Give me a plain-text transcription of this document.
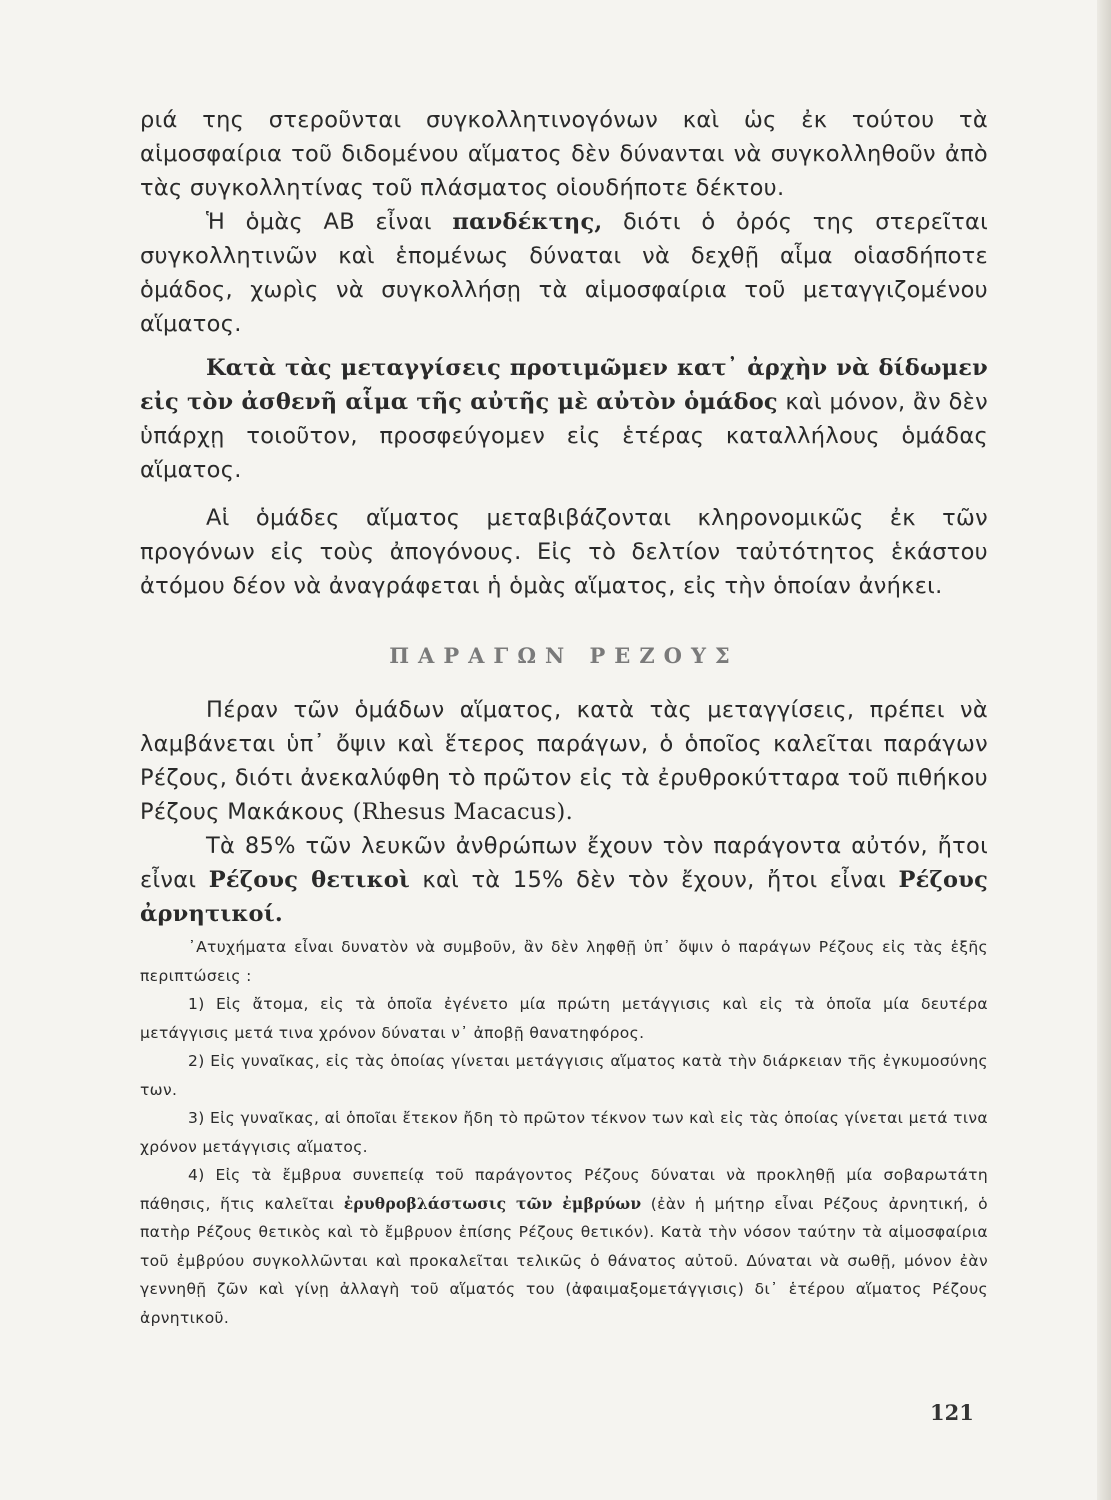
ριά της στεροῦνται συγκολλητινογόνων καὶ ὡς ἐκ τούτου τὰ αἱμοσφαίρια τοῦ διδομένου αἵματος δὲν δύνανται νὰ συγκολληθοῦν ἀπὸ τὰς συγκολλητίνας τοῦ πλάσματος οἱουδήποτε δέκτου.

Ἡ ὁμὰς ΑΒ εἶναι πανδέκτης, διότι ὁ ὀρός της στερεῖται συγκολλητινῶν καὶ ἑπομένως δύναται νὰ δεχθῇ αἷμα οἱασδήποτε ὁμάδος, χωρὶς νὰ συγκολλήσῃ τὰ αἱμοσφαίρια τοῦ μεταγγιζομένου αἵματος.

Κατὰ τὰς μεταγγίσεις προτιμῶμεν κατ᾽ ἀρχὴν νὰ δίδωμεν εἰς τὸν ἀσθενῆ αἷμα τῆς αὐτῆς μὲ αὐτὸν ὁμάδος καὶ μόνον, ἂν δὲν ὑπάρχῃ τοιοῦτον, προσφεύγομεν εἰς ἑτέρας καταλλήλους ὁμάδας αἵματος.

Αἱ ὁμάδες αἵματος μεταβιβάζονται κληρονομικῶς ἐκ τῶν προγόνων εἰς τοὺς ἀπογόνους. Εἰς τὸ δελτίον ταὐτότητος ἑκάστου ἀτόμου δέον νὰ ἀναγράφεται ἡ ὁμὰς αἵματος, εἰς τὴν ὁποίαν ἀνήκει.

ΠΑΡΑΓΩΝ ΡΕΖΟΥΣ

Πέραν τῶν ὁμάδων αἵματος, κατὰ τὰς μεταγγίσεις, πρέπει νὰ λαμβάνεται ὑπ᾽ ὄψιν καὶ ἕτερος παράγων, ὁ ὁποῖος καλεῖται παράγων Ρέζους, διότι ἀνεκαλύφθη τὸ πρῶτον εἰς τὰ ἐρυθροκύτταρα τοῦ πιθήκου Ρέζους Μακάκους (Rhesus Macacus).

Τὰ 85% τῶν λευκῶν ἀνθρώπων ἔχουν τὸν παράγοντα αὐτόν, ἤτοι εἶναι Ρέζους θετικοὶ καὶ τὰ 15% δὲν τὸν ἔχουν, ἤτοι εἶναι Ρέζους ἀρνητικοί.

᾽Ατυχήματα εἶναι δυνατὸν νὰ συμβοῦν, ἂν δὲν ληφθῇ ὑπ᾽ ὄψιν ὁ παράγων Ρέζους εἰς τὰς ἑξῆς περιπτώσεις :

1) Εἰς ἄτομα, εἰς τὰ ὁποῖα ἐγένετο μία πρώτη μετάγγισις καὶ εἰς τὰ ὁποῖα μία δευτέρα μετάγγισις μετά τινα χρόνον δύναται ν᾽ ἀποβῇ θανατηφόρος.

2) Εἰς γυναῖκας, εἰς τὰς ὁποίας γίνεται μετάγγισις αἵματος κατὰ τὴν διάρκειαν τῆς ἐγκυμοσύνης των.

3) Εἰς γυναῖκας, αἱ ὁποῖαι ἔτεκον ἤδη τὸ πρῶτον τέκνον των καὶ εἰς τὰς ὁποίας γίνεται μετά τινα χρόνον μετάγγισις αἵματος.

4) Εἰς τὰ ἔμβρυα συνεπείᾳ τοῦ παράγοντος Ρέζους δύναται νὰ προκληθῇ μία σοβαρωτάτη πάθησις, ἥτις καλεῖται ἐρυθροβλάστωσις τῶν ἐμβρύων (ἐὰν ἡ μήτηρ εἶναι Ρέζους ἀρνητική, ὁ πατὴρ Ρέζους θετικὸς καὶ τὸ ἔμβρυον ἐπίσης Ρέζους θετικόν). Κατὰ τὴν νόσον ταύτην τὰ αἱμοσφαίρια τοῦ ἐμβρύου συγκολλῶνται καὶ προκαλεῖται τελικῶς ὁ θάνατος αὐτοῦ. Δύναται νὰ σωθῇ, μόνον ἐὰν γεννηθῇ ζῶν καὶ γίνῃ ἀλλαγὴ τοῦ αἵματός του (ἀφαιμαξομετάγγισις) δι᾽ ἑτέρου αἵματος Ρέζους ἀρνητικοῦ.

121
